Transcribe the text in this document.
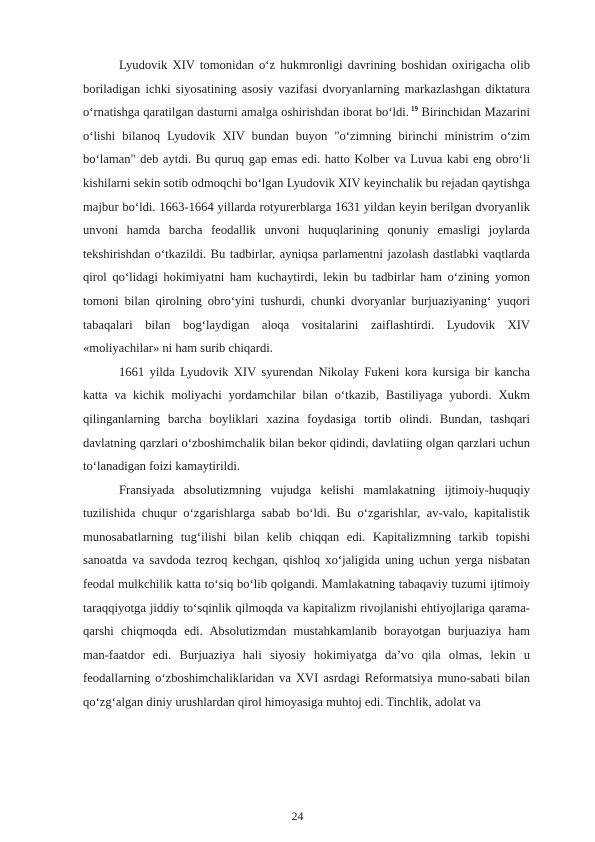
Lyudovik XIV tomonidan o‘z hukmronligi davrining boshidan oxirigacha olib boriladigan ichki siyosatining asosiy vazifasi dvoryanlarning markazlashgan diktatura o‘rnatishga qaratilgan dasturni amalga oshirishdan iborat bo‘ldi. $^{19}$ Birinchidan Mazarini o‘lishi bilanoq Lyudovik XIV bundan buyon "o‘zimning birinchi ministrim o‘zim bo‘laman" deb aytdi. Bu quruq gap emas edi. hatto Kolber va Luvua kabi eng obro‘li kishilarni sekin sotib odmoqchi bo‘lgan Lyudovik XIV keyinchalik bu rejadan qaytishga majbur bo‘ldi. 1663-1664 yillarda rotyurerblarga 1631 yildan keyin berilgan dvoryanlik unvoni hamda barcha feodallik unvoni huquqlarining qonuniy emasligi joylarda tekshirishdan o‘tkazildi. Bu tadbirlar, ayniqsa parlamentni jazolash dastlabki vaqtlarda qirol qo‘lidagi hokimiyatni ham kuchaytirdi, lekin bu tadbirlar ham o‘zining yomon tomoni bilan qirolning obro‘yini tushurdi, chunki dvoryanlar burjuaziyaning‘ yuqori tabaqalari bilan bog‘laydigan aloqa vositalarini zaiflashtirdi. Lyudovik XIV «moliyachilar» ni ham surib chiqardi.

1661 yilda Lyudovik XIV syurendan Nikolay Fukeni kora kursiga bir kancha katta va kichik moliyachi yordamchilar bilan o‘tkazib, Bastiliyaga yubordi. Xukm qilinganlarning barcha boyliklari xazina foydasiga tortib olindi. Bundan, tashqari davlatning qarzlari o‘zboshimchalik bilan bekor qidindi, davlatiing olgan qarzlari uchun to‘lanadigan foizi kamaytirildi.

Fransiyada absolutizmning vujudga kelishi mamlakatning ijtimoiy-huquqiy tuzilishida chuqur o‘zgarishlarga sabab bo‘ldi. Bu o‘zgarishlar, av-valo, kapitalistik munosabatlarning tug‘ilishi bilan kelib chiqqan edi. Kapitalizmning tarkib topishi sanoatda va savdoda tezroq kechgan, qishloq xo‘jaligida uning uchun yerga nisbatan feodal mulkchilik katta to‘siq bo‘lib qolgandi. Mamlakatning tabaqaviy tuzumi ijtimoiy taraqqiyotga jiddiy to‘sqinlik qilmoqda va kapitalizm rivojlanishi ehtiyojlariga qarama-qarshi chiqmoqda edi. Absolutizmdan mustahkamlanib borayotgan burjuaziya ham man-faatdor edi. Burjuaziya hali siyosiy hokimiyatga da’vo qila olmas, lekin u feodallarning o‘zboshimchaliklaridan va XVI asrdagi Reformatsiya muno-sabati bilan qo‘zg‘algan diniy urushlardan qirol himoyasiga muhtoj edi. Tinchlik, adolat va

24
